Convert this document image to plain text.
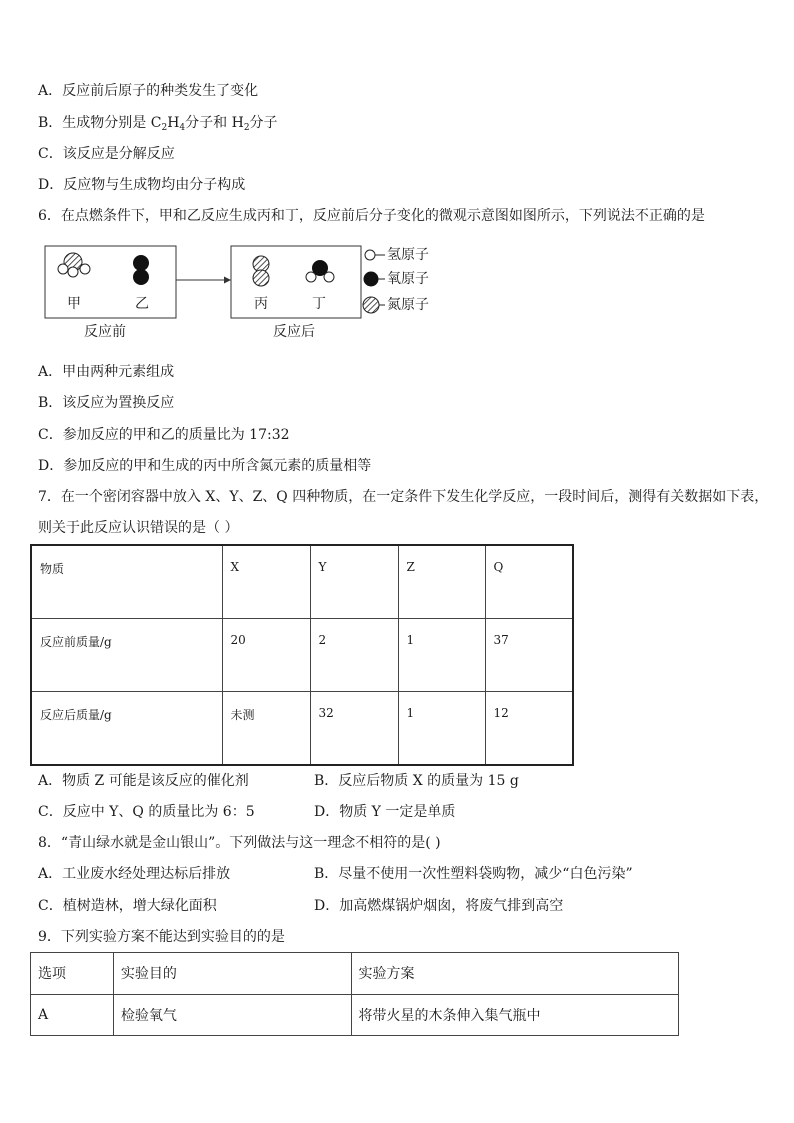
A．反应前后原子的种类发生了变化
B．生成物分别是 $C_2H_4$分子和 $H_2$分子
C．该反应是分解反应
D．反应物与生成物均由分子构成
6．在点燃条件下，甲和乙反应生成丙和丁，反应前后分子变化的微观示意图如图所示，下列说法不正确的是
甲	乙	丙	丁
反应前	反应后
氢原子
氧原子
氮原子
A．甲由两种元素组成
B．该反应为置换反应
C．参加反应的甲和乙的质量比为 17:32
D．参加反应的甲和生成的丙中所含氮元素的质量相等
7．在一个密闭容器中放入 X、Y、Z、Q 四种物质，在一定条件下发生化学反应，一段时间后，测得有关数据如下表，
则关于此反应认识错误的是（ ）
物质	X	Y	Z	Q
反应前质量/g	20	2	1	37
反应后质量/g	未测	32	1	12
A．物质 Z 可能是该反应的催化剂	B．反应后物质 X 的质量为 15 g
C．反应中 Y、Q 的质量比为 6：5	D．物质 Y 一定是单质
8．“青山绿水就是金山银山”。下列做法与这一理念不相符的是( )
A．工业废水经处理达标后排放	B．尽量不使用一次性塑料袋购物，减少“白色污染”
C．植树造林，增大绿化面积	D．加高燃煤锅炉烟囱，将废气排到高空
9．下列实验方案不能达到实验目的的是
选项	实验目的	实验方案
A	检验氧气	将带火星的木条伸入集气瓶中
